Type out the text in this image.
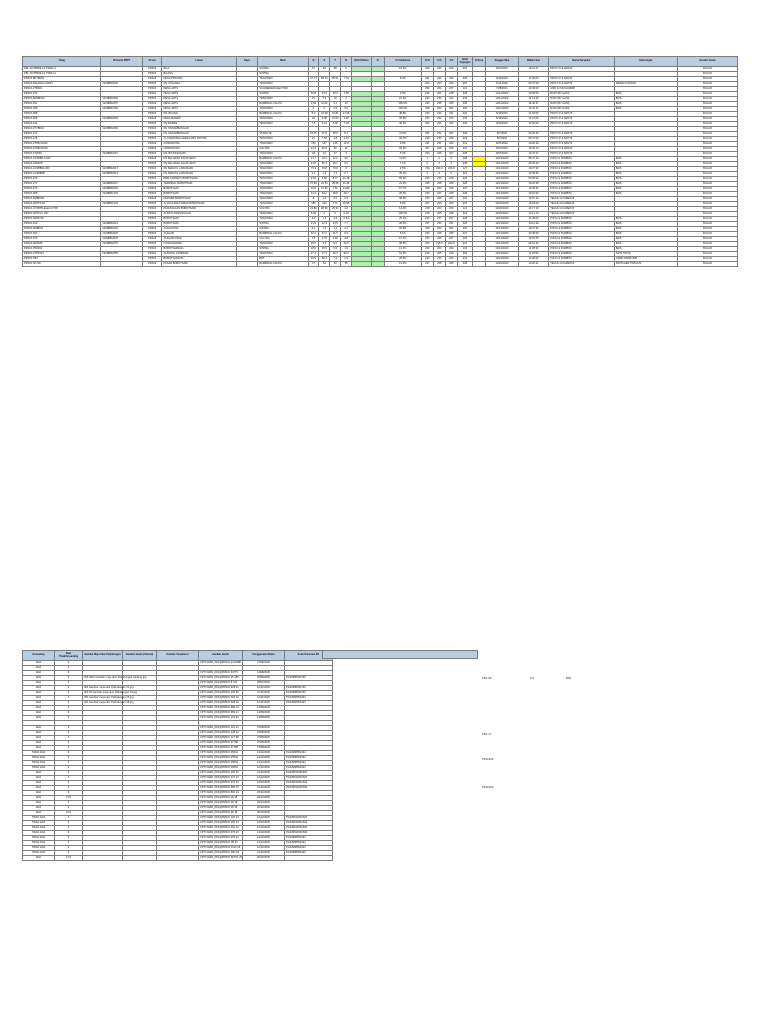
Tiang	ID Gardu PRPT	Posisi	Lokasi	Daya	Merk	R	S	T	N	(KVA) Beban	%	% Unbalance	R-N	S-N	T-N	(Volt) Tegangan	% Drop	Tanggal Ukur	Waktu Ukur	Nama Pengukur	Keterangan	Kondisi Gardu
KBL-SGTB006-13-TSB12-1		PRSOI	BILA		SINTRA	67	45	88	6			15.2%	224	223	224	224		8/27/2020	10:10:07	PRIYO P & ARIF B		BULAN
KBL-SGTB006-13-TSB14-1		PRSOI	BILANG		SINTRA																	BULAN
PRSOI-BFTB004		PRSOI	DESA PINCARA		TRAFINDO	67.73	85.44	85.01	7.76			8.0%	231	231	235	209		8/13/2020	11:49:05	PRIYO P & ARIF B		BULAN
PRSOI-PALMAS1-00001	GD38802000	PRSOI	DS. PINCARA		TRAFINDO								222	223	224	225		8.20.2020	09:47:09	PRIYO P & ARIF B	MESIN KOSONG	BULAN
PRSOI-FTB001		PRSOI	DESA JATIS		SCHNEIDER ELECTRIC								231	231	237	231		7/28/2021	10:45:09	ARIF & ISNI HANDRI		BULAN
PRSOI-026		PRSOI	DESA JATIS		SINTRA	40.8	43.0	40.3	1.08			2.6%	236	221	228	228		12/11/2020	10:05:00	RUDI (BY HANI)	BAIK	BULAN
PRSOI-BAMB012	GD38802000	PRSOI	DESA JATIS		TRAFINDO	15	7.6	18	3			15.2%	233	233	232	233		12/11/2020	14:13:00	RUDI (BY HANI)	BAIK	BULAN
PRSOI-031	GD38802007	PRSOI	DESA JATIS		BAMBANG CAHYA	2.69	11.63	2.2	10			100.5%	233	235	225	236		12/11/2020	12:40:37	RUDI (BY HANI)	BAIK	BULAN
PRSOI-028	GD38802700	PRSOI	DESA JATIS		TRAFINDO	0	0	0.5	0.5			100.0%	236	234	231	236		12/11/2020	13:41:37	RUDI (BY HANI)	BAIK	BULAN
PRSOI-088		PRSOI	DS. BIJANG		BAMBANG CAHYA	8.2	24.08	10.81	17.68			48.8%	230	230	231	206		8/13/2020	11:18:06	PRIYO P & ARIF B		BULAN
PRSOI-089	GD38802003	PRSOI	DESA MARIMI		TRAFINDO	16	6.38	13.64	1.38			36.8%	232	232	233	235		8/13/2020	11:27:09	PRIYO P & ARIF B		BULAN
PRSOI-104		PRSOI	DS MARIMI		TRAFINDO	7.6	5.44	0.08	7.18			38.3%	232	231	233	226		8/14/2020	11:40:09	PRIYO P & ARIF B		BULAN
PRSOI-FTYB001	GD38802000	PRSOI	DS. PESAMBANGAN																			BULAN
PRSOI-123		PRSOI	DS. PESAMBANGAN		STARLITE	51.45	37.9	48.0	8.4			11.0%	231	231	231	228		8/7/2020	09:35:25	PRIYO P & ARIF B		BULAN
PRSOI-128		PRSOI	JL CAKRAWALADESA PRO SINTRA		TRAFINDO	10	7.52	2.8	4.34			43.7%	230	233	226	229		8/7/2020	09:47:00	PRIYO P & ARIF B		BULAN
PRSOI-FTRB 01002		PRSOI	CIWANDONG		TRAFINDO	150	147	148	12.8			0.5%	231	231	232	231		8/27/2020	10:20:19	PRIYO P & ARIF B		BULAN
PRSOI-FTRB 01003		PRSOI	CIWANDONG		VOLTRA	42.9	61.8	80	12			28.1%	227	226	223	221		8/27/2020	10:32:14	PRIYO P & ARIF B		BULAN
PRSOI-FTR001	GD38802010	PRSOI	DS. BOJONGSARI		TRAFINDO	28	31	27	3			5.4%	233	226	227	228		8/27/2020	10:47:17	PRIYO P & ARIF B		BULAN
PRSOI-CO38B0-A-007		PRSOI	DS KELURAH KALINYAMU		BAMBANG CAHYA	21.7	10.1	22.0	9.6			11.0%	1	0	0	298		12/13/2020	08:47:10	PIPJU & RURBINI	BAIK	BULAN
PRSOI-CM0070		PRSOI	DS KELURAH KALINYAMU		TRAFINDO	44.8	50.1	48.1	6.6			7.1%	0	0	0	248		12/13/2020	09:30:00	PIPJU & RURBINI	BAIK	BULAN
PRSOI-CO38B02-003	GD38802017	PRSOI	DS SERAYU LARANGAN		TRAFINDO	75.3	70.8	70.0	8			2.5%	230	230.2	224.8	227		12/13/2020	10:27:30	PIPJU & RURBINI	BAIK	BULAN
PRSOI-CO38B0B	GD38802013	PRSOI	DS SERAYU LARANGAN		TRAFINDO	3.1	1.9	1.1	0.7			35.1%	0	0	0	227		12/13/2020	10:45:30	PIPJU & RURBINI	BAIK	BULAN
PRSOI-190		PRSOI	RIBA KAMARTI BOBOTSARI		TRAFINDO	0.64	2.58	8.77	11.48			55.3%	233	233	218	225		12/13/2020	09:00:02	PIPJU & RURBINI	BAIK	BULAN
PRSOI-272	GD38802007	PRSOI	TERMINAL BOBOTSARI		TRAFINDO	27.38	24.53	28.68	10.28			24.3%	228	228	228	228		12/13/2020	10:22:38	PIPJU & RURBINI	BAIK	BULAN
PRSOI-276	GD38802029	PRSOI	BOBOTSARI		TRAFINDO	16.8	14.36	7.52	13.82			57.7%	229	233	229	227		12/13/2020	10:35:32	PIPJU & RURBINI	BAIK	BULAN
PRSOI-288	GD38802100	PRSOI	BOBOTSARI		TRAFINDO	31.3	34.2	38.8	28.7			28.3%	230	227	228	228		12/13/2020	10:10:09	PIPJU & RURBINI	BAIK	BULAN
PRSOI-SMB0002		PRSOI	PERUMS BOBOTSARI		TRAFINDO	8	1.6	0.6	0.5			38.6%	229	229	227	230		12/20/2020	10:07:10	TEGUH & FAREIS B		BULAN
PRSOI-SMTFK18	GD38802103	PRSOI	JL RAYA BANYUMAS BOBOTSARI		TRAFINDO	186	190	174	18.58			5.5%	227	229	229	224		12/20/2020	10:18:00	TEGUH & FAREIS B		BULAN
PRSOI-CO38TB-ELEC-FT08		PRSOI	PANUNGGAN BOBOTSARI		VOLTRA	21.86	28.96	25.94	2.6			14.0%	218	222	223	221		12/20/2020	14:17:10	TEGUH & FAREIS B		BULAN
PRSOI-SMTFLG 007		PRSOI	JL RAYA PANUNGGAN		TRAFINDO	0.04	0	0	0.16			100.0%	225	225	228	224		12/20/2020	14:11:19	TEGUH & FAREIS B		BULAN
PRSOI-SMTFG8		PRSOI	BOBOTSARI		TRAFINDO	3.3	1.9	3.3	0.94			26.1%	226	227	227	228		12/13/2020	11:35:00	PIPJU & RURBINI	BAIK	BULAN
PRSOI-190	GD38802021	PRSOI	BOBOTSARI		SINTRA	21.9	12.3	13.5	7.7			28.4%	237	234	231	228		12/13/2020	10:11:30	PIPJU & RURBINI	BAIK	BULAN
PRSOI-SMB003	GD38802004	PRSOI	TLAGAYASA		SINTRA	9.1	1.3	3.4	3.1			20.8%	230	230	231	230		12/13/2020	10:27:30	PIPJU & RURBINI	BAIK	BULAN
PRSOI-052	GD38802020	PRSOI	TLAGAB		BAMBANG CAHYA	40.4	47.1	41.5	6.9			8.1%	230	228	235	227		12/13/2020	10:45:00	PIPJU & RURBINI	BAIK	BULAN
PRSOI-076	GD38802003	PRSOI	TLAGAB KIDUL		VOLTRA	1.5	2.78	2.09	0.8			14.7%	234	230	227	226		12/13/2020	11:15:45	PIPJU & RURBINI	BAIK	BULAN
PRSOI-SM0005	GD38802075	PRSOI	CANDI MARIMI		TRAFINDO	35.5	3.5	5.0	29.5			98.8%	234	218.9	220.8	221		12/13/2020	09:51:30	PIPJU & RURBINI	BAIK	BULAN
PRSOI-TB0004		PRSOI	BOBOTSARANG		SINTRA	18.6	15.3	5.6	1.9			13.1%	234	234	234	233		12/13/2020	11:38:30	PIPJU & RURBINI	BAIK	BULAN
PRSOI-FTRT013	GD38802085	PRSOI	GUNUNG LOMPENG		TRAFINDO	37.4	17.3	49.4	36.0			51.6%	226	225	230	235		12/13/2020	11:18:50	PIPJU & RURBINI	SATE TIDAK	BULAN
PRSOI-TB3		PRSOI	BOBOTSARANG		BNT	40.9	56.2	7.3	2.6			26.5%	233	233	233	231		12/13/2020	11:28:30	PIPJU & RURBINI	GRDD DIMISTRIS	BULAN
PRSOI-SFT01		PRSOI	PASAR BOBOTSARI		BAMBANG CAHYA	47	53	52	58			13.2%	227	228	228	228		12/20/2020	14:20:11	TEGUH & FAREIS B	SWITCHER PRSOUS	BULAN
Grounding	Baut Tidak/Grounding	Gambar Meja Ukur Pelindungan	Gambar Gardu (Ukuran)	Gambar Visualisasi	Gambar Gardu	Penggunaan Modul	Kode Dokumen PK
ADA	0				CPTI KEBJ_IR\4@PRSOI 2212088	27/08/2020	
ADA	0						
ADA	0				CPTI KEBJ_IR\4@PRSOI 64770	14/08/2020	
ADA	0	IDX 0001 Gambar meja ukur Pelindungan Gedung.jpg			CPTI KEBJ_IR\4@PRSOI 25 285	05/08/2020	PG23958031793
ADA	0				CPTI KEBJ_IR\4@PRSOI 8 700	28/07/2020	
ADA	0	IDX Gambar meja ukur Pelindungan 01.jpg			CPTI KEBJ_IR\4@PRSOI 025 01	12/11/2020	PG23958031793
ADA	0	IDX 02 Gambar meja ukur Pelindungan 01.jpg			CPTI KEBJ_IR\4@PRSOI 130 93	12/11/2020	PG23958031793
ADA	0	IDX Gambar meja ukur Pelindungan 05.jpg			CPTI KEBJ_IR\4@PRSOI 018 10	12/11/2020	PG23958052434
ADA	0	IDX Gambar meja ukur Pelindungan 08.jpg			CPTI KEBJ_IR\4@PRSOI 028 20	12/11/2020	PG23958052434
ADA	0				CPTI KEBJ_IR\4@PRSOI 988 10	14/08/2020	
ADA	0				CPTI KEBJ_IR\4@PRSOI 989 24	14/08/2020	
ADA	0				CPTI KEBJ_IR\4@PRSOI 104 30	14/08/2020	

ADA	0				CPTI KEBJ_IR\4@PRSOI 123 21	07/08/2020	
ADA	0				CPTI KEBJ_IR\4@PRSOI 128 22	07/08/2020	
ADA	0				CPTI KEBJ_IR\4@PRSOI 127 88	27/08/2020	
ADA	0				CPTI KEBJ_IR\4@PRSOI 27788	27/08/2020	
ADA	0				CPTI KEBJ_IR\4@PRSOI 27788	27/08/2020	
TIDAK ADA	0				CPTI KEBJ_IR\4@PRSOI 05064	12/12/2020	PG23958052434
TIDAK ADA	0				CPTI KEBJ_IR\4@PRSOI 05064	12/12/2020	PG23958052434
TIDAK ADA	0				CPTI KEBJ_IR\4@PRSOI 05064	12/12/2020	PG23958052434
TIDAK ADA	0				CPTI KEBJ_IR\4@PRSOI 05064	12/12/2020	PG23958052434
ADA	0				CPTI KEBJ_IR\4@PRSOI 190 23	12/12/2020	PG23951163C841
ADA	0				CPTI KEBJ_IR\4@PRSOI 272 23	12/12/2020	PG23951163C841
ADA	0				CPTI KEBJ_IR\4@PRSOI 276 23	12/12/2020	PG23951163C841
ADA	0				CPTI KEBJ_IR\4@PRSOI 288 23	12/12/2020	PG23951163C841
ADA	0				CPTI KEBJ_IR\4@PRSOI 890 23	20/12/2020	
ADA	0.01				CPTI KEBJ_IR\4@PRSOI 18 18	20/12/2020	
ADA	0				CPTI KEBJ_IR\4@PRSOI 08 18	20/12/2020	
ADA	0				CPTI KEBJ_IR\4@PRSOI 08 18	20/12/2020	
ADA	0.01				CPTI KEBJ_IR\4@PRSOI 08 18	20/12/2020	
TIDAK ADA	0				CPTI KEBJ_IR\4@PRSOI 190 23	12/12/2020	PG23951163C841
TIDAK ADA	0				CPTI KEBJ_IR\4@PRSOI 190 23	12/12/2020	PG23951163C841
TIDAK ADA	0				CPTI KEBJ_IR\4@PRSOI 052 23	12/12/2020	PG23951163C841
TIDAK ADA	0				CPTI KEBJ_IR\4@PRSOI 076 23	12/12/2020	PG23951163C841
TIDAK ADA	0				CPTI KEBJ_IR\4@PRSOI 005 23	12/12/2020	PG23958052434
TIDAK ADA	0				CPTI KEBJ_IR\4@PRSOI TB 23	12/12/2020	PG23958052434
TIDAK ADA	0				CPTI KEBJ_IR\4@PRSOI T013 23	12/12/2020	PG23958052434
TIDAK ADA	0				CPTI KEBJ_IR\4@PRSOI TB3 23	12/12/2020	PG23958052434
ADA	0.01				CPTI KEBJ_IR\4@PRSOI SFT01 23	20/12/2020	
KBL-03	2.5	BNT
KBL-17
PDN/102
PDN/103
